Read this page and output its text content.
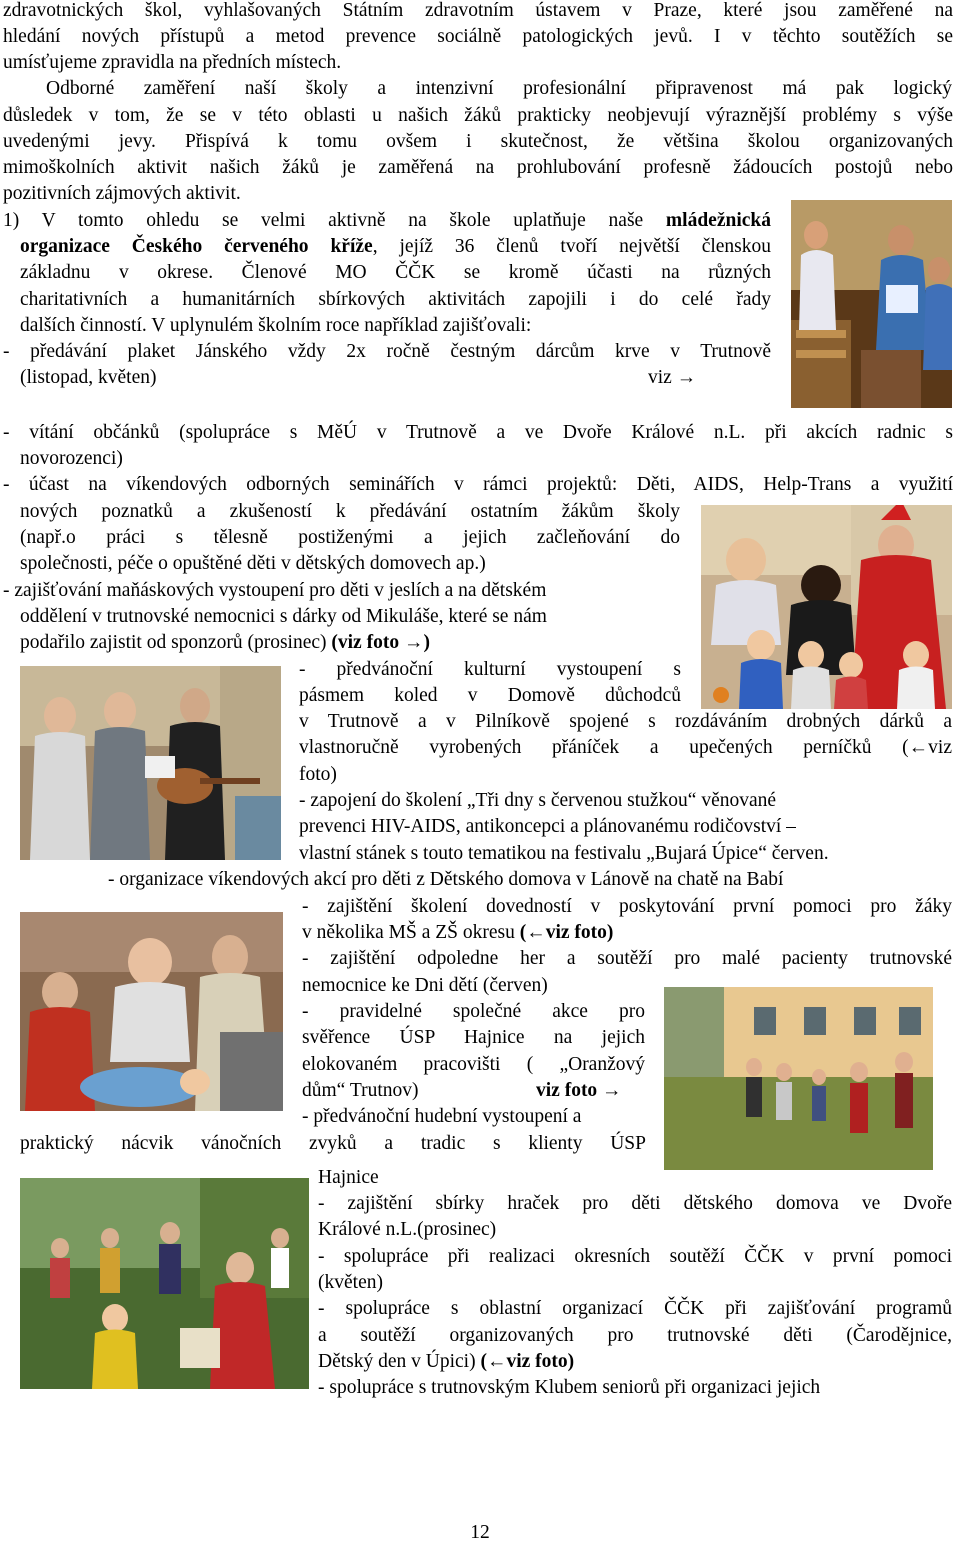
zdravotnických škol, vyhlašovaných Státním zdravotním ústavem v Praze, které jsou zaměřené na
hledání nových přístupů a metod prevence sociálně patologických jevů. I v těchto soutěžích se
umísťujeme zpravidla na předních místech.
Odborné zaměření naší školy a intenzivní profesionální připravenost má pak logický
důsledek v tom, že se v této oblasti u našich žáků prakticky neobjevují výraznější problémy s výše
uvedenými jevy. Přispívá k tomu ovšem i skutečnost, že většina školou organizovaných
mimoškolních aktivit našich žáků je zaměřená na prohlubování profesně žádoucích postojů nebo
pozitivních zájmových aktivit.
1) V tomto ohledu se velmi aktivně na škole uplatňuje naše mládežnická
organizace Českého červeného kříže, jejíž 36 členů tvoří největší členskou
základnu v okrese. Členové MO ČČK se kromě účasti na různých
charitativních a humanitárních sbírkových aktivitách zapojili i do celé řady
dalších činností. V uplynulém školním roce například zajišťovali:
- předávání plaket Jánského vždy 2x ročně čestným dárcům krve v Trutnově
(listopad, květen)	viz →
- vítání občánků (spolupráce s MěÚ v Trutnově a ve Dvoře Králové n.L. při akcích radnic s
novorozenci)
- účast na víkendových odborných seminářích v rámci projektů: Děti, AIDS, Help-Trans a využití
nových poznatků a zkušeností k předávání ostatním žákům školy
(např.o práci s tělesně postiženými a jejich začleňování do
společnosti, péče o opuštěné děti v dětských domovech ap.)
- zajišťování maňáskových vystoupení pro děti v jeslích a na dětském
oddělení v trutnovské nemocnici s dárky od Mikuláše, které se nám
podařilo zajistit od sponzorů (prosinec) (viz foto →)
- předvánoční kulturní vystoupení s
pásmem koled v Domově důchodců
v Trutnově a v Pilníkově spojené s rozdáváním drobných dárků a
vlastnoručně vyrobených přáníček a upečených perníčků (←viz
foto)
- zapojení do školení „Tři dny s červenou stužkou“ věnované
prevenci HIV-AIDS, antikoncepci a plánovanému rodičovství –
vlastní stánek s touto tematikou na festivalu „Bujará Úpice“ červen.
- organizace víkendových akcí pro děti z Dětského domova v Lánově na chatě na Babí
- zajištění školení dovedností v poskytování první pomoci pro žáky
v několika MŠ a ZŠ okresu (←viz foto)
- zajištění odpoledne her a soutěží pro malé pacienty trutnovské
nemocnice ke Dni dětí (červen)
- pravidelné společné akce pro
svěřence ÚSP Hajnice na jejich
elokovaném pracovišti ( „Oranžový
dům“ Trutnov)	viz foto →
- předvánoční hudební vystoupení a
praktický nácvik vánočních zvyků a tradic s klienty ÚSP
Hajnice
- zajištění sbírky hraček pro děti dětského domova ve Dvoře
Králové n.L.(prosinec)
- spolupráce při realizaci okresních soutěží ČČK v první pomoci
(květen)
- spolupráce s oblastní organizací ČČK při zajišťování programů
a soutěží organizovaných pro trutnovské děti (Čarodějnice,
Dětský den v Úpici) (←viz foto)
- spolupráce s trutnovským Klubem seniorů při organizaci jejich
12
